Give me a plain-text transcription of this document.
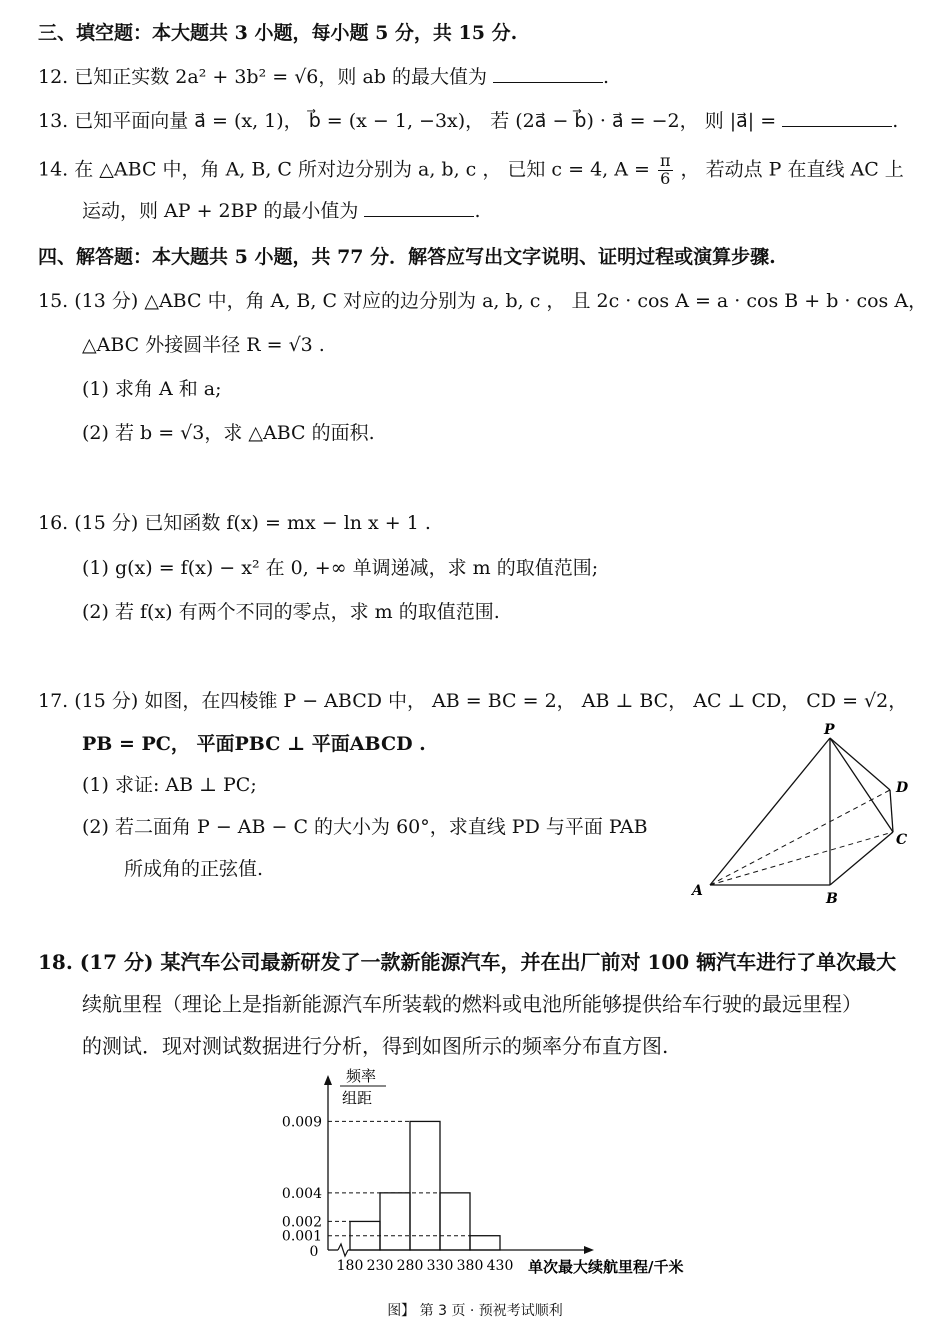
三、填空题：本大题共 3 小题，每小题 5 分，共 15 分.
12. 已知正实数 2a² + 3b² = √6，则 ab 的最大值为	.
13. 已知平面向量 a⃗ = (x, 1)， b⃗ = (x − 1, −3x)， 若 (2a⃗ − b⃗) · a⃗ = −2， 则 |a⃗| =	.
14. 在 △ABC 中，角 A, B, C 所对边分别为 a, b, c ， 已知 c = 4, $A = \frac{\pi}{6}$ ， 若动点 P 在直线 AC 上
运动，则 AP + 2BP 的最小值为	.
四、解答题：本大题共 5 小题，共 77 分．解答应写出文字说明、证明过程或演算步骤.
15. (13 分) △ABC 中，角 A, B, C 对应的边分别为 a, b, c ， 且 2c · cos A = a · cos B + b · cos A，
△ABC 外接圆半径 R = √3 .
(1) 求角 A 和 a;
(2) 若 b = √3，求 △ABC 的面积.
16. (15 分) 已知函数 f(x) = mx − ln x + 1 .
(1) g(x) = f(x) − x² 在 0, +∞ 单调递减，求 m 的取值范围;
(2) 若 f(x) 有两个不同的零点，求 m 的取值范围.
17. (15 分) 如图，在四棱锥 P − ABCD 中， AB = BC = 2， AB ⊥ BC， AC ⊥ CD， CD = √2，
PB = PC， 平面PBC ⊥ 平面ABCD .
(1) 求证: AB ⊥ PC;
(2) 若二面角 P − AB − C 的大小为 60°，求直线 PD 与平面 PAB
所成角的正弦值.
P
A	B
C
D
18. (17 分) 某汽车公司最新研发了一款新能源汽车，并在出厂前对 100 辆汽车进行了单次最大
续航里程（理论上是指新能源汽车所装载的燃料或电池所能够提供给车行驶的最远里程）
的测试．现对测试数据进行分析，得到如图所示的频率分布直方图.
频率
组距
0
0.009
0.004
0.002
0.001
180 230 280 330 380 430 单次最大续航里程/千米
图】 第 3 页 · 预祝考试顺利
